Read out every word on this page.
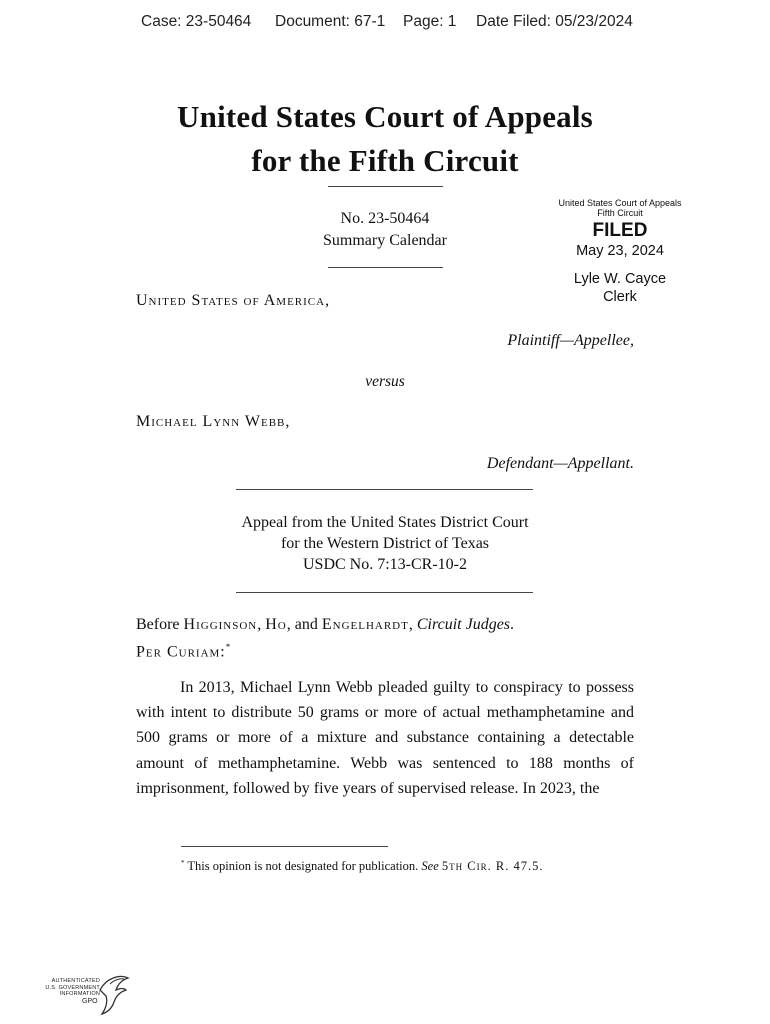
Case: 23-50464 Document: 67-1 Page: 1 Date Filed: 05/23/2024
United States Court of Appeals
for the Fifth Circuit
No. 23-50464
Summary Calendar
United States Court of Appeals
Fifth Circuit
FILED
May 23, 2024
Lyle W. Cayce
Clerk
United States of America,
Plaintiff—Appellee,
versus
Michael Lynn Webb,
Defendant—Appellant.
Appeal from the United States District Court
for the Western District of Texas
USDC No. 7:13-CR-10-2
Before Higginson, Ho, and Engelhardt, Circuit Judges.
Per Curiam:*

In 2013, Michael Lynn Webb pleaded guilty to conspiracy to possess with intent to distribute 50 grams or more of actual methamphetamine and 500 grams or more of a mixture and substance containing a detectable amount of methamphetamine. Webb was sentenced to 188 months of imprisonment, followed by five years of supervised release. In 2023, the

* This opinion is not designated for publication. See 5th Cir. R. 47.5.
AUTHENTICATED
U.S. GOVERNMENT
INFORMATION
GPO
